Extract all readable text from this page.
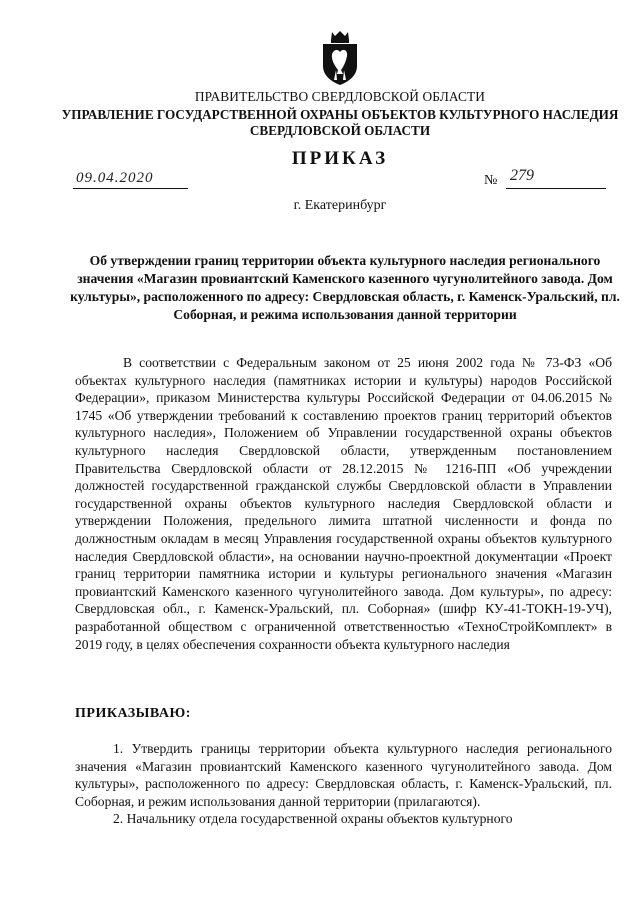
ПРАВИТЕЛЬСТВО СВЕРДЛОВСКОЙ ОБЛАСТИ
УПРАВЛЕНИЕ ГОСУДАРСТВЕННОЙ ОХРАНЫ ОБЪЕКТОВ КУЛЬТУРНОГО НАСЛЕДИЯ СВЕРДЛОВСКОЙ ОБЛАСТИ
ПРИКАЗ
09.04.2020	№ 279
г. Екатеринбург
Об утверждении границ территории объекта культурного наследия регионального значения «Магазин провиантский Каменского казенного чугунолитейного завода. Дом культуры», расположенного по адресу: Свердловская область, г. Каменск-Уральский, пл. Соборная, и режима использования данной территории

В соответствии с Федеральным законом от 25 июня 2002 года № 73-ФЗ «Об объектах культурного наследия (памятниках истории и культуры) народов Российской Федерации», приказом Министерства культуры Российской Федерации от 04.06.2015 № 1745 «Об утверждении требований к составлению проектов границ территорий объектов культурного наследия», Положением об Управлении государственной охраны объектов культурного наследия Свердловской области, утвержденным постановлением Правительства Свердловской области от 28.12.2015 № 1216-ПП «Об учреждении должностей государственной гражданской службы Свердловской области в Управлении государственной охраны объектов культурного наследия Свердловской области и утверждении Положения, предельного лимита штатной численности и фонда по должностным окладам в месяц Управления государственной охраны объектов культурного наследия Свердловской области», на основании научно-проектной документации «Проект границ территории памятника истории и культуры регионального значения «Магазин провиантский Каменского казенного чугунолитейного завода. Дом культуры», по адресу: Свердловская обл., г. Каменск-Уральский, пл. Соборная» (шифр КУ-41-ТОКН-19-УЧ), разработанной обществом с ограниченной ответственностью «ТехноСтройКомплект» в 2019 году, в целях обеспечения сохранности объекта культурного наследия

ПРИКАЗЫВАЮ:

1. Утвердить границы территории объекта культурного наследия регионального значения «Магазин провиантский Каменского казенного чугунолитейного завода. Дом культуры», расположенного по адресу: Свердловская область, г. Каменск-Уральский, пл. Соборная, и режим использования данной территории (прилагаются).

2. Начальнику отдела государственной охраны объектов культурного
